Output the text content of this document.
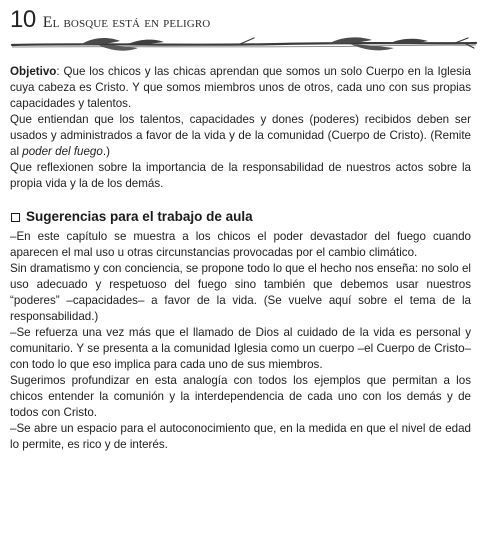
10 El bosque está en peligro

Objetivo: Que los chicos y las chicas aprendan que somos un solo Cuerpo en la Iglesia cuya cabeza es Cristo. Y que somos miembros unos de otros, cada uno con sus propias capacidades y talentos.

Que entiendan que los talentos, capacidades y dones (poderes) recibidos deben ser usados y administrados a favor de la vida y de la comunidad (Cuerpo de Cristo). (Remite al poder del fuego.)

Que reflexionen sobre la importancia de la responsabilidad de nuestros actos sobre la propia vida y la de los demás.

Sugerencias para el trabajo de aula

–En este capítulo se muestra a los chicos el poder devastador del fuego cuando aparecen el mal uso u otras circunstancias provocadas por el cambio climático.

Sin dramatismo y con conciencia, se propone todo lo que el hecho nos enseña: no solo el uso adecuado y respetuoso del fuego sino también que debemos usar nuestros “poderes” –capacidades– a favor de la vida. (Se vuelve aquí sobre el tema de la responsabilidad.)

–Se refuerza una vez más que el llamado de Dios al cuidado de la vida es personal y comunitario. Y se presenta a la comunidad Iglesia como un cuerpo –el Cuerpo de Cristo– con todo lo que eso implica para cada uno de sus miembros.

Sugerimos profundizar en esta analogía con todos los ejemplos que permitan a los chicos entender la comunión y la interdependencia de cada uno con los demás y de todos con Cristo.

–Se abre un espacio para el autoconocimiento que, en la medida en que el nivel de edad lo permite, es rico y de interés.
